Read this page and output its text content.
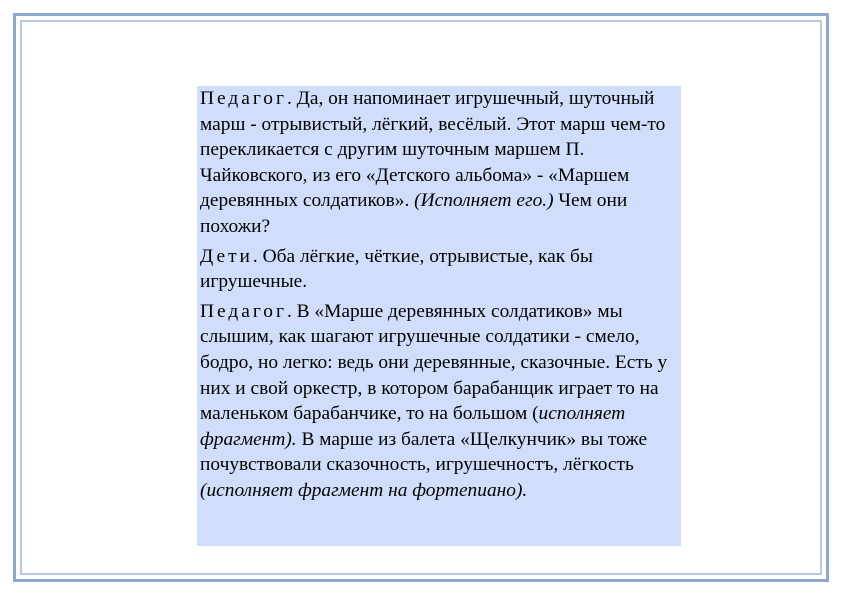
Педагог. Да, он напоминает игрушечный, шуточный марш - отрывистый, лёгкий, весёлый. Этот марш чем-то перекликается с другим шуточным маршем П. Чайковского, из его «Детского альбома» - «Маршем деревянных солдатиков». (Исполняет его.) Чем они похожи?

Дети. Оба лёгкие, чёткие, отрывистые, как бы игрушечные.

Педагог. В «Марше деревянных солдатиков» мы слышим, как шагают игрушечные солдатики - смело, бодро, но легко: ведь они деревянные, сказочные. Есть у них и свой оркестр, в котором барабанщик играет то на маленьком барабанчике, то на большом (исполняет фрагмент). В марше из балета «Щелкунчик» вы тоже почувствовали сказочность, игрушечностъ, лёгкость (исполняет фрагмент на фортепиано).
